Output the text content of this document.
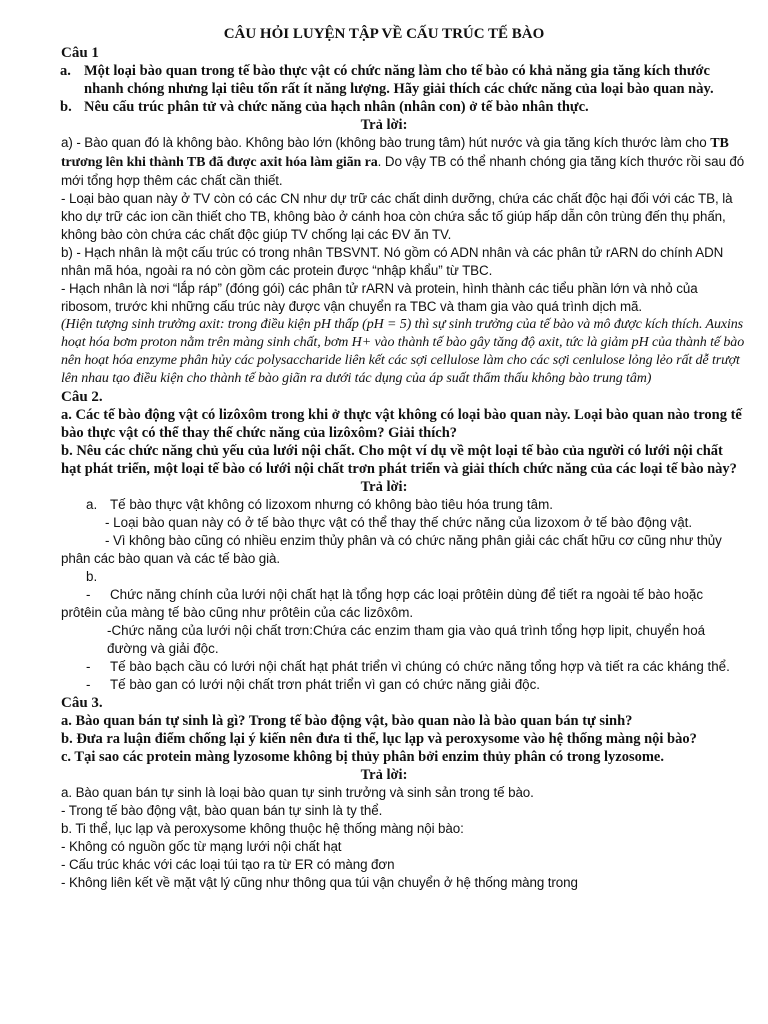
CÂU HỎI LUYỆN TẬP VỀ CẤU TRÚC TẾ BÀO
Câu 1
a. Một loại bào quan trong tế bào thực vật có chức năng làm cho tế bào có khả năng gia tăng kích thước nhanh chóng nhưng lại tiêu tốn rất ít năng lượng. Hãy giải thích các chức năng của loại bào quan này.
b. Nêu cấu trúc phân tử và chức năng của hạch nhân (nhân con) ở tế bào nhân thực.
Trả lời:
a) - Bào quan đó là không bào. Không bào lớn (không bào trung tâm) hút nước và gia tăng kích thước làm cho TB trương lên khi thành TB đã được axit hóa làm giãn ra. Do vậy TB có thể nhanh chóng gia tăng kích thước rồi sau đó mới tổng hợp thêm các chất cần thiết.
- Loại bào quan này ở TV còn có các CN như dự trữ các chất dinh dưỡng, chứa các chất độc hại đối với các TB, là kho dự trữ các ion cần thiết cho TB, không bào ở cánh hoa còn chứa sắc tố giúp hấp dẫn côn trùng đến thụ phấn, không bào còn chứa các chất độc giúp TV chống lại các ĐV ăn TV.
b) - Hạch nhân là một cấu trúc có trong nhân TBSVNT. Nó gồm có ADN nhân và các phân tử rARN do chính ADN nhân mã hóa, ngoài ra nó còn gồm các protein được “nhập khẩu” từ TBC.
- Hạch nhân là nơi “lắp ráp” (đóng gói) các phân tử rARN và protein, hình thành các tiểu phần lớn và nhỏ của ribosom, trước khi những cấu trúc này được vận chuyển ra TBC và tham gia vào quá trình dịch mã.
(Hiện tượng sinh trưởng axit: trong điều kiện pH thấp (pH = 5) thì sự sinh trưởng của tế bào và mô được kích thích. Auxins hoạt hóa bơm proton nằm trên màng sinh chất, bơm H+ vào thành tế bào gây tăng độ axit, tức là giảm pH của thành tế bào nên hoạt hóa enzyme phân hủy các polysaccharide liên kết các sợi cellulose làm cho các sợi cenlulose lỏng lẻo rất dễ trượt lên nhau tạo điều kiện cho thành tế bào giãn ra dưới tác dụng của áp suất thẩm thấu không bào trung tâm)
Câu 2.
a. Các tế bào động vật có lizôxôm trong khi ở thực vật không có loại bào quan này. Loại bào quan nào trong tế bào thực vật có thể thay thế chức năng của lizôxôm? Giải thích?
b. Nêu các chức năng chủ yếu của lưới nội chất. Cho một ví dụ về một loại tế bào của người có lưới nội chất hạt phát triển, một loại tế bào có lưới nội chất trơn phát triển và giải thích chức năng của các loại tế bào này?
Trả lời:
a. Tế bào thực vật không có lizoxom nhưng có không bào tiêu hóa trung tâm.
- Loại bào quan này có ở tế bào thực vật có thể thay thế chức năng của lizoxom ở tế bào động vật.
- Vì không bào cũng có nhiều enzim thủy phân và có chức năng phân giải các chất hữu cơ cũng như thủy phân các bào quan và các tế bào già.
b.
- Chức năng chính của lưới nội chất hạt là tổng hợp các loại prôtêin dùng để tiết ra ngoài tế bào hoặc prôtêin của màng tế bào cũng như prôtêin của các lizôxôm.
-Chức năng của lưới nội chất trơn:Chứa các enzim tham gia vào quá trình tổng hợp lipit, chuyển hoá đường và giải độc.
- Tế bào bạch cầu có lưới nội chất hạt phát triển vì chúng có chức năng tổng hợp và tiết ra các kháng thể.
- Tế bào gan có lưới nội chất trơn phát triển vì gan có chức năng giải độc.
Câu 3.
a. Bào quan bán tự sinh là gì? Trong tế bào động vật, bào quan nào là bào quan bán tự sinh?
b. Đưa ra luận điểm chống lại ý kiến nên đưa ti thể, lục lạp và peroxysome vào hệ thống màng nội bào?
c. Tại sao các protein màng lyzosome không bị thủy phân bởi enzim thủy phân có trong lyzosome.
Trả lời:
a. Bào quan bán tự sinh là loại bào quan tự sinh trưởng và sinh sản trong tế bào.
- Trong tế bào động vật, bào quan bán tự sinh là ty thể.
b. Ti thể, lục lạp và peroxysome không thuộc hệ thống màng nội bào:
- Không có nguồn gốc từ mạng lưới nội chất hạt
- Cấu trúc khác với các loại túi tạo ra từ ER có màng đơn
- Không liên kết về mặt vật lý cũng như thông qua túi vận chuyển ở hệ thống màng trong
